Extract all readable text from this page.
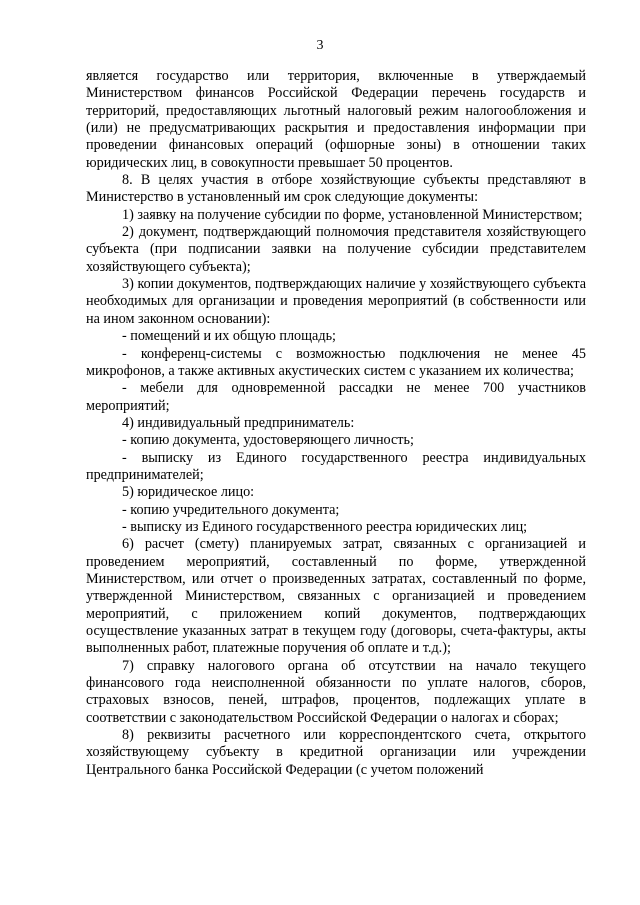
3

является государство или территория, включенные в утверждаемый Министерством финансов Российской Федерации перечень государств и территорий, предоставляющих льготный налоговый режим налогообложения и (или) не предусматривающих раскрытия и предоставления информации при проведении финансовых операций (офшорные зоны) в отношении таких юридических лиц, в совокупности превышает 50 процентов.

8. В целях участия в отборе хозяйствующие субъекты представляют в Министерство в установленный им срок следующие документы:

1) заявку на получение субсидии по форме, установленной Министерством;

2) документ, подтверждающий полномочия представителя хозяйствующего субъекта (при подписании заявки на получение субсидии представителем хозяйствующего субъекта);

3) копии документов, подтверждающих наличие у хозяйствующего субъекта необходимых для организации и проведения мероприятий (в собственности или на ином законном основании):

- помещений и их общую площадь;

- конференц-системы с возможностью подключения не менее 45 микрофонов, а также активных акустических систем с указанием их количества;

- мебели для одновременной рассадки не менее 700 участников мероприятий;

4) индивидуальный предприниматель:

- копию документа, удостоверяющего личность;

- выписку из Единого государственного реестра индивидуальных предпринимателей;

5) юридическое лицо:

- копию учредительного документа;

- выписку из Единого государственного реестра юридических лиц;

6) расчет (смету) планируемых затрат, связанных с организацией и проведением мероприятий, составленный по форме, утвержденной Министерством, или отчет о произведенных затратах, составленный по форме, утвержденной Министерством, связанных с организацией и проведением мероприятий, с приложением копий документов, подтверждающих осуществление указанных затрат в текущем году (договоры, счета-фактуры, акты выполненных работ, платежные поручения об оплате и т.д.);

7) справку налогового органа об отсутствии на начало текущего финансового года неисполненной обязанности по уплате налогов, сборов, страховых взносов, пеней, штрафов, процентов, подлежащих уплате в соответствии с законодательством Российской Федерации о налогах и сборах;

8) реквизиты расчетного или корреспондентского счета, открытого хозяйствующему субъекту в кредитной организации или учреждении Центрального банка Российской Федерации (с учетом положений
